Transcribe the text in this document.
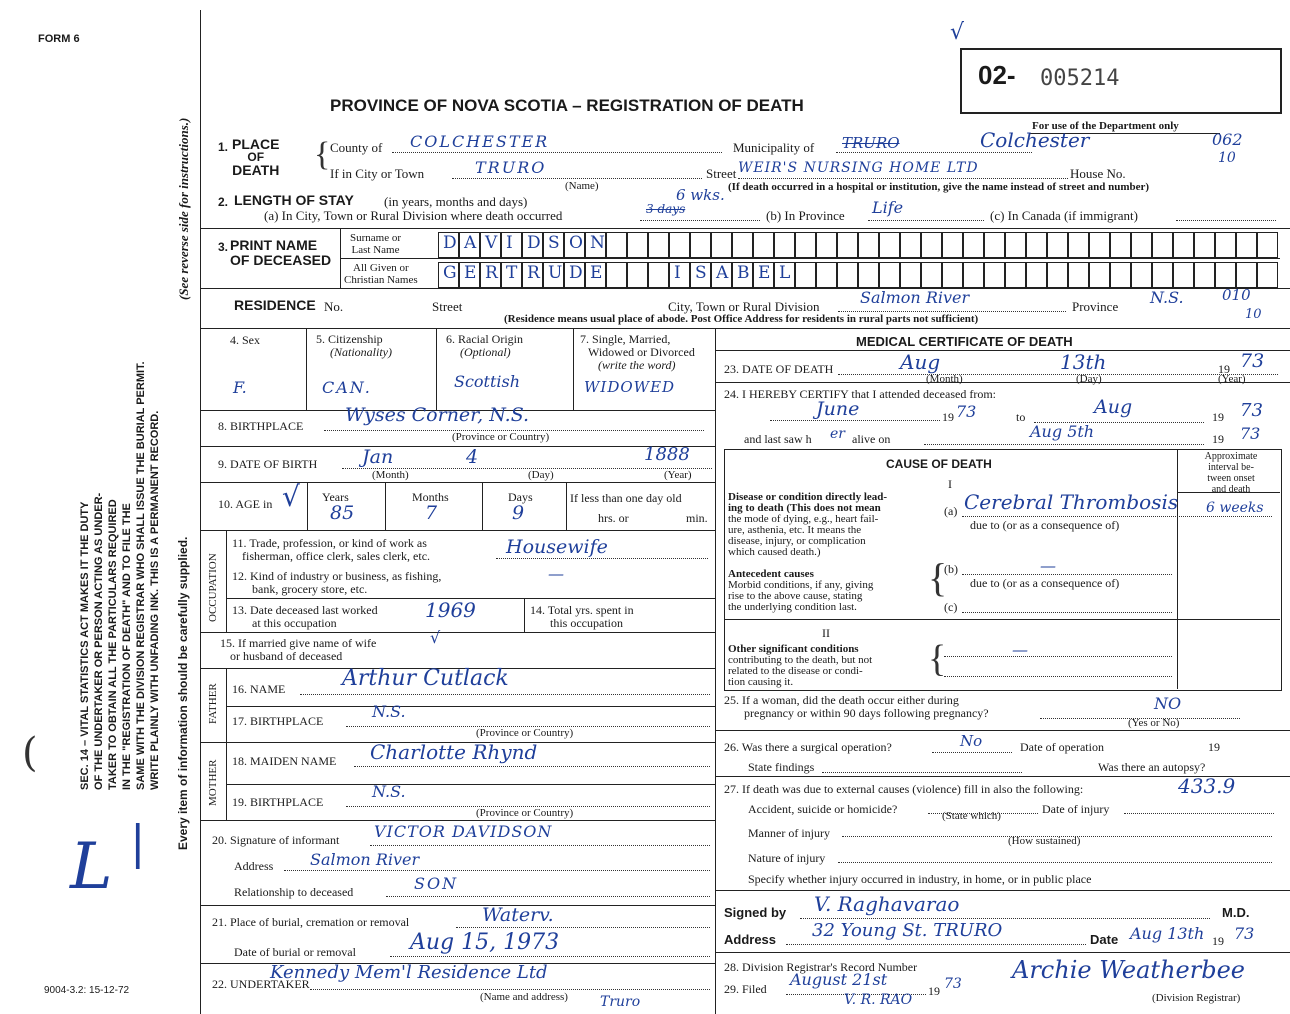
FORM 6
9004-3.2: 15-12-72
SEC. 14 – VITAL STATISTICS ACT MAKES IT THE DUTY OF THE UNDERTAKER OR PERSON ACTING AS UNDER- TAKER TO OBTAIN ALL THE PARTICULARS REQUIRED IN THE "REGISTRATION OF DEATH" AND TO FILE THE SAME WITH THE DIVISION REGISTRAR WHO SHALL ISSUE THE BURIAL PERMIT. WRITE PLAINLY WITH UNFADING INK. THIS IS A PERMANENT RECORD.
(See reverse side for instructions.)
Every item of information should be carefully supplied.
(
L |
02- 005214
√
PROVINCE OF NOVA SCOTIA – REGISTRATION OF DEATH
For use of the Department only
062
10
1. PLACE
OF
DEATH { County of COLCHESTER	Municipality of TRURO	Colchester
If in City or Town	TRURO
(Name)
Street WEIR'S NURSING HOME LTD	House No.
(If death occurred in a hospital or institution, give the name instead of street and number)
2. LENGTH OF STAY (in years, months and days)
(a) In City, Town or Rural Division where death occurred	3 days
6 wks.
(b) In Province Life	(c) In Canada (if immigrant)
3. PRINT NAME
OF DECEASED
Surname or
Last Name
All Given or
Christian Names
D A V I D S O N
G E R T R U D E	I S A B E L
RESIDENCE No.	Street	City, Town or Rural Division	Salmon River	Province N.S.	010
10
(Residence means usual place of abode. Post Office Address for residents in rural parts not sufficient)
4. Sex
F.
5. Citizenship
(Nationality)
CAN.
6. Racial Origin
(Optional)
Scottish
7. Single, Married,
Widowed or Divorced
(write the word)
WIDOWED
8. BIRTHPLACE Wyses Corner, N.S.
(Province or Country)
9. DATE OF BIRTH Jan	4	1888
(Month)	(Day)	(Year)
10. AGE in	Years	Months	Days
√ 85	7	9
If less than one day old
hrs. or	min.
OCCUPATION
11. Trade, profession, or kind of work as
fisherman, office clerk, sales clerk, etc.	Housewife
12. Kind of industry or business, as fishing,
bank, grocery store, etc.
—
13. Date deceased last worked
at this occupation
1969	14. Total yrs. spent in
this occupation
15. If married give name of wife
or husband of deceased
√
FATHER 16. NAME	Arthur Cutlack
17. BIRTHPLACE	N.S.
(Province or Country)
MOTHER 18. MAIDEN NAME Charlotte Rhynd
19. BIRTHPLACE
N.S.
(Province or Country)
20. Signature of informant VICTOR DAVIDSON
Address Salmon River
Relationship to deceased	SON
21. Place of burial, cremation or removal	Waterv.
Date of burial or removal Aug 15, 1973
22. UNDERTAKER
Kennedy Mem'l Residence Ltd
(Name and address) Truro
MEDICAL CERTIFICATE OF DEATH
23. DATE OF DEATH	Aug	13th	19 73
(Month)	(Day)	(Year)
24. I HEREBY CERTIFY that I attended deceased from:
June	19 73	to	Aug	19 73
and last saw h er alive on	Aug 5th	19 73
CAUSE OF DEATH
Approximate
interval be-
tween onset
and death
I
Disease or condition directly lead-
ing to death (This does not mean
the mode of dying, e.g., heart fail-
ure, asthenia, etc. It means the
disease, injury, or complication
which caused death.)
(a) Cerebral Thrombosis 6 weeks
due to (or as a consequence of)
Antecedent causes
Morbid conditions, if any, giving
rise to the above cause, stating
the underlying condition last.
{
(b)	—
due to (or as a consequence of)
(c)
II
Other significant conditions
contributing to the death, but not
related to the disease or condi-
tion causing it.
{	—
25. If a woman, did the death occur either during
pregnancy or within 90 days following pregnancy?	NO
(Yes or No)
26. Was there a surgical operation?	No	Date of operation	19
State findings	Was there an autopsy?
27. If death was due to external causes (violence) fill in also the following:	433.9
Accident, suicide or homicide?	(State which)	Date of injury
Manner of injury
(How sustained)
Nature of injury
Specify whether injury occurred in industry, in home, or in public place
Signed by V. Raghavarao	M.D.
Address 32 Young St. TRURO	Date Aug 13th 19 73
28. Division Registrar's Record Number
29. Filed August 21st
19 73 Archie Weatherbee
(Division Registrar)
V. R. RAO
